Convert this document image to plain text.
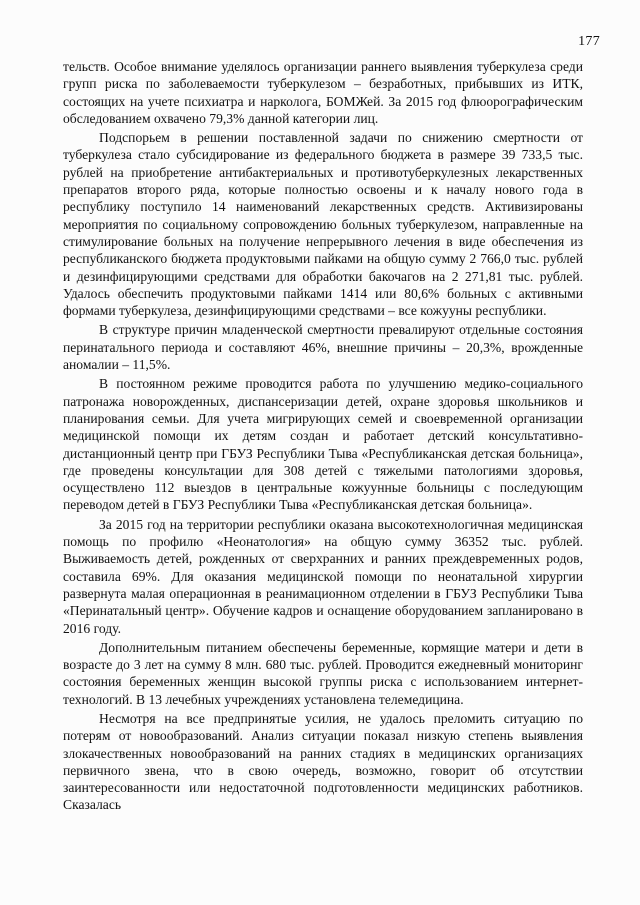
177

тельств. Особое внимание уделялось организации раннего выявления туберкулеза среди групп риска по заболеваемости туберкулезом – безработных, прибывших из ИТК, состоящих на учете психиатра и нарколога, БОМЖей. За 2015 год флюорографическим обследованием охвачено 79,3% данной категории лиц.

Подспорьем в решении поставленной задачи по снижению смертности от туберкулеза стало субсидирование из федерального бюджета в размере 39 733,5 тыс. рублей на приобретение антибактериальных и противотуберкулезных лекарственных препаратов второго ряда, которые полностью освоены и к началу нового года в республику поступило 14 наименований лекарственных средств. Активизированы мероприятия по социальному сопровождению больных туберкулезом, направленные на стимулирование больных на получение непрерывного лечения в виде обеспечения из республиканского бюджета продуктовыми пайками на общую сумму 2 766,0 тыс. рублей и дезинфицирующими средствами для обработки бакочагов на 2 271,81 тыс. рублей. Удалось обеспечить продуктовыми пайками 1414 или 80,6% больных с активными формами туберкулеза, дезинфицирующими средствами – все кожууны республики.

В структуре причин младенческой смертности превалируют отдельные состояния перинатального периода и составляют 46%, внешние причины – 20,3%, врожденные аномалии – 11,5%.

В постоянном режиме проводится работа по улучшению медико-социального патронажа новорожденных, диспансеризации детей, охране здоровья школьников и планирования семьи. Для учета мигрирующих семей и своевременной организации медицинской помощи их детям создан и работает детский консультативно-дистанционный центр при ГБУЗ Республики Тыва «Республиканская детская больница», где проведены консультации для 308 детей с тяжелыми патологиями здоровья, осуществлено 112 выездов в центральные кожуунные больницы с последующим переводом детей в ГБУЗ Республики Тыва «Республиканская детская больница».

За 2015 год на территории республики оказана высокотехнологичная медицинская помощь по профилю «Неонатология» на общую сумму 36352 тыс. рублей. Выживаемость детей, рожденных от сверхранних и ранних преждевременных родов, составила 69%. Для оказания медицинской помощи по неонатальной хирургии развернута малая операционная в реанимационном отделении в ГБУЗ Республики Тыва «Перинатальный центр». Обучение кадров и оснащение оборудованием запланировано в 2016 году.

Дополнительным питанием обеспечены беременные, кормящие матери и дети в возрасте до 3 лет на сумму 8 млн. 680 тыс. рублей. Проводится ежедневный мониторинг состояния беременных женщин высокой группы риска с использованием интернет-технологий. В 13 лечебных учреждениях установлена телемедицина.

Несмотря на все предпринятые усилия, не удалось преломить ситуацию по потерям от новообразований. Анализ ситуации показал низкую степень выявления злокачественных новообразований на ранних стадиях в медицинских организациях первичного звена, что в свою очередь, возможно, говорит об отсутствии заинтересованности или недостаточной подготовленности медицинских работников. Сказалась
